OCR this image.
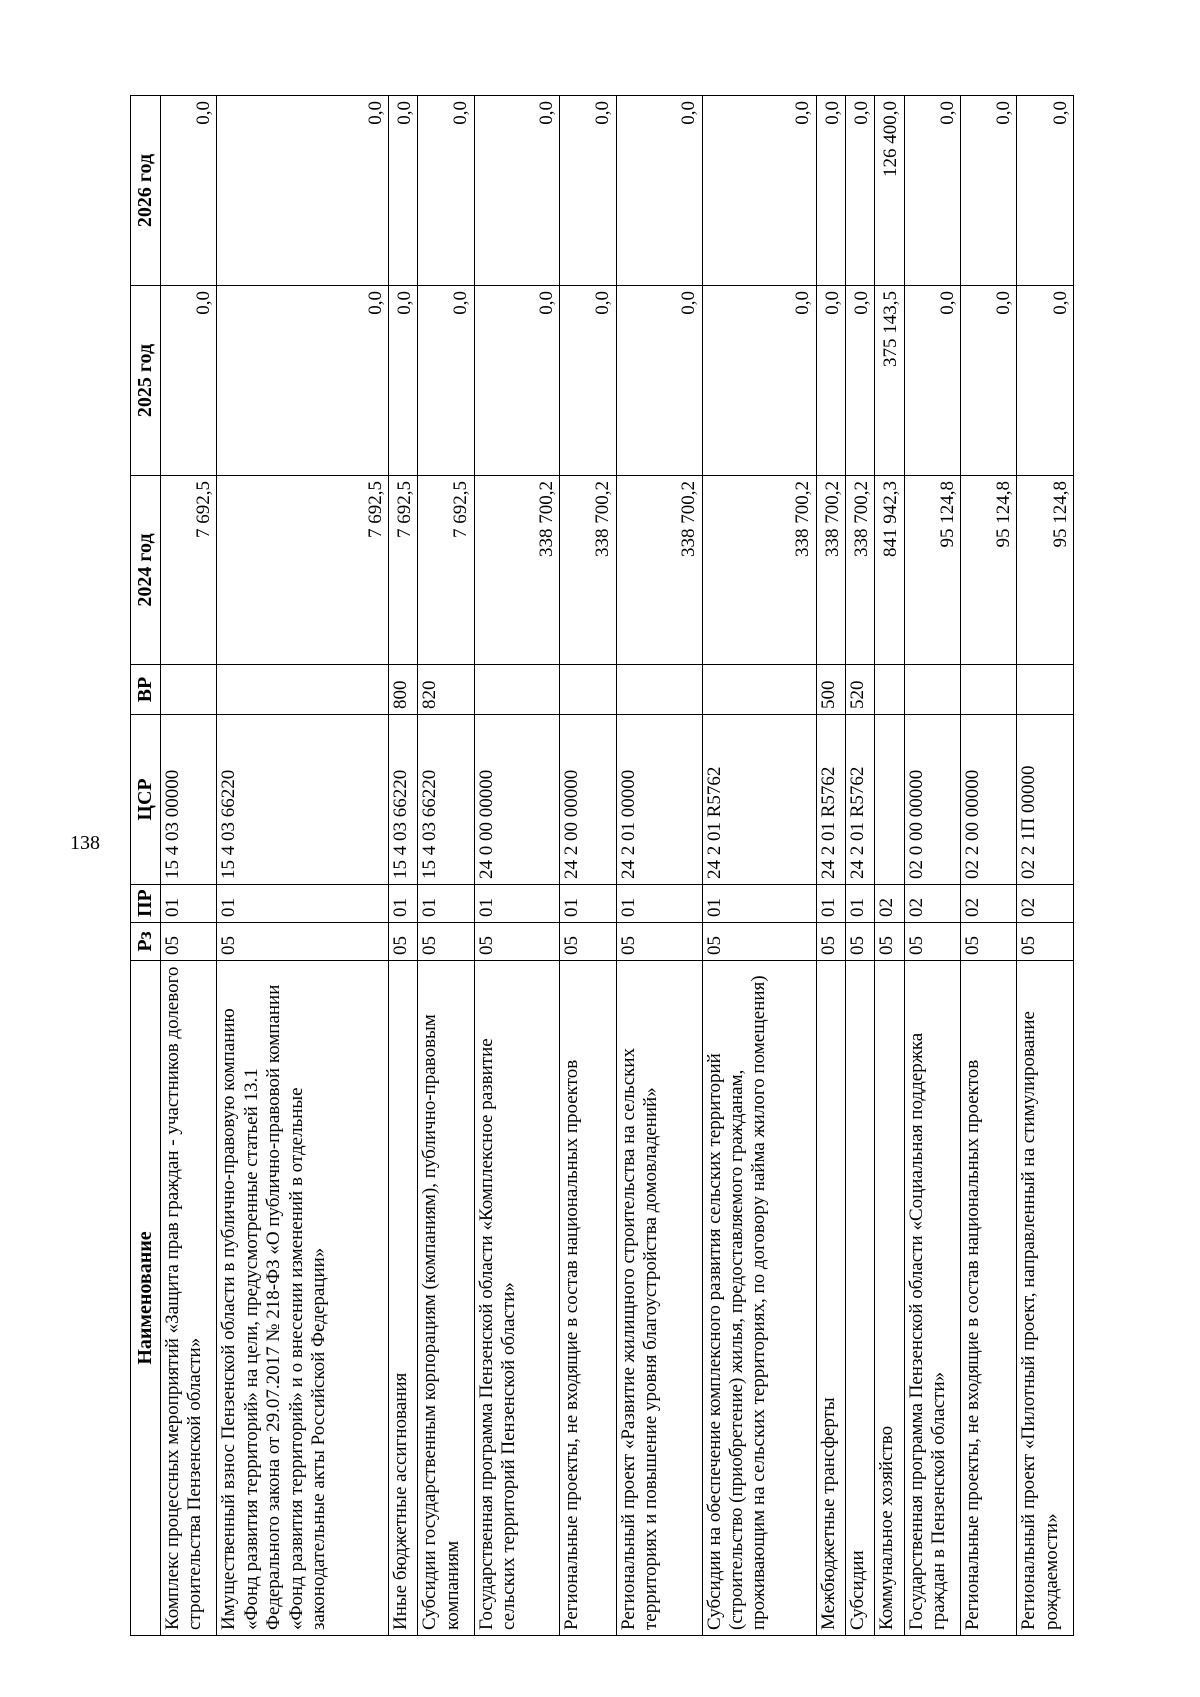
138
Наименование	Рз	ПР	ЦСР	ВР	2024 год	2025 год	2026 год
Комплекс процессных мероприятий «Защита прав граждан - участников долевого строительства Пензенской области»	05	01	15 4 03 00000		7 692,5	0,0	0,0
Имущественный взнос Пензенской области в публично-правовую компанию «Фонд развития территорий» на цели, предусмотренные статьей 13.1 Федерального закона от 29.07.2017 № 218-ФЗ «О публично-правовой компании «Фонд развития территорий» и о внесении изменений в отдельные законодательные акты Российской Федерации»	05	01	15 4 03 66220		7 692,5	0,0	0,0
Иные бюджетные ассигнования	05	01	15 4 03 66220	800	7 692,5	0,0	0,0
Субсидии государственным корпорациям (компаниям), публично-правовым компаниям	05	01	15 4 03 66220	820	7 692,5	0,0	0,0
Государственная программа Пензенской области «Комплексное развитие сельских территорий Пензенской области»	05	01	24 0 00 00000		338 700,2	0,0	0,0
Региональные проекты, не входящие в состав национальных проектов	05	01	24 2 00 00000		338 700,2	0,0	0,0
Региональный проект «Развитие жилищного строительства на сельских территориях и повышение уровня благоустройства домовладений»	05	01	24 2 01 00000		338 700,2	0,0	0,0
Субсидии на обеспечение комплексного развития сельских территорий (строительство (приобретение) жилья, предоставляемого гражданам, проживающим на сельских территориях, по договору найма жилого помещения)	05	01	24 2 01 R5762		338 700,2	0,0	0,0
Межбюджетные трансферты	05	01	24 2 01 R5762	500	338 700,2	0,0	0,0
Субсидии	05	01	24 2 01 R5762	520	338 700,2	0,0	0,0
Коммунальное хозяйство	05	02			841 942,3	375 143,5	126 400,0
Государственная программа Пензенской области «Социальная поддержка граждан в Пензенской области»	05	02	02 0 00 00000		95 124,8	0,0	0,0
Региональные проекты, не входящие в состав национальных проектов	05	02	02 2 00 00000		95 124,8	0,0	0,0
Региональный проект «Пилотный проект, направленный на стимулирование рождаемости»	05	02	02 2 1П 00000		95 124,8	0,0	0,0
